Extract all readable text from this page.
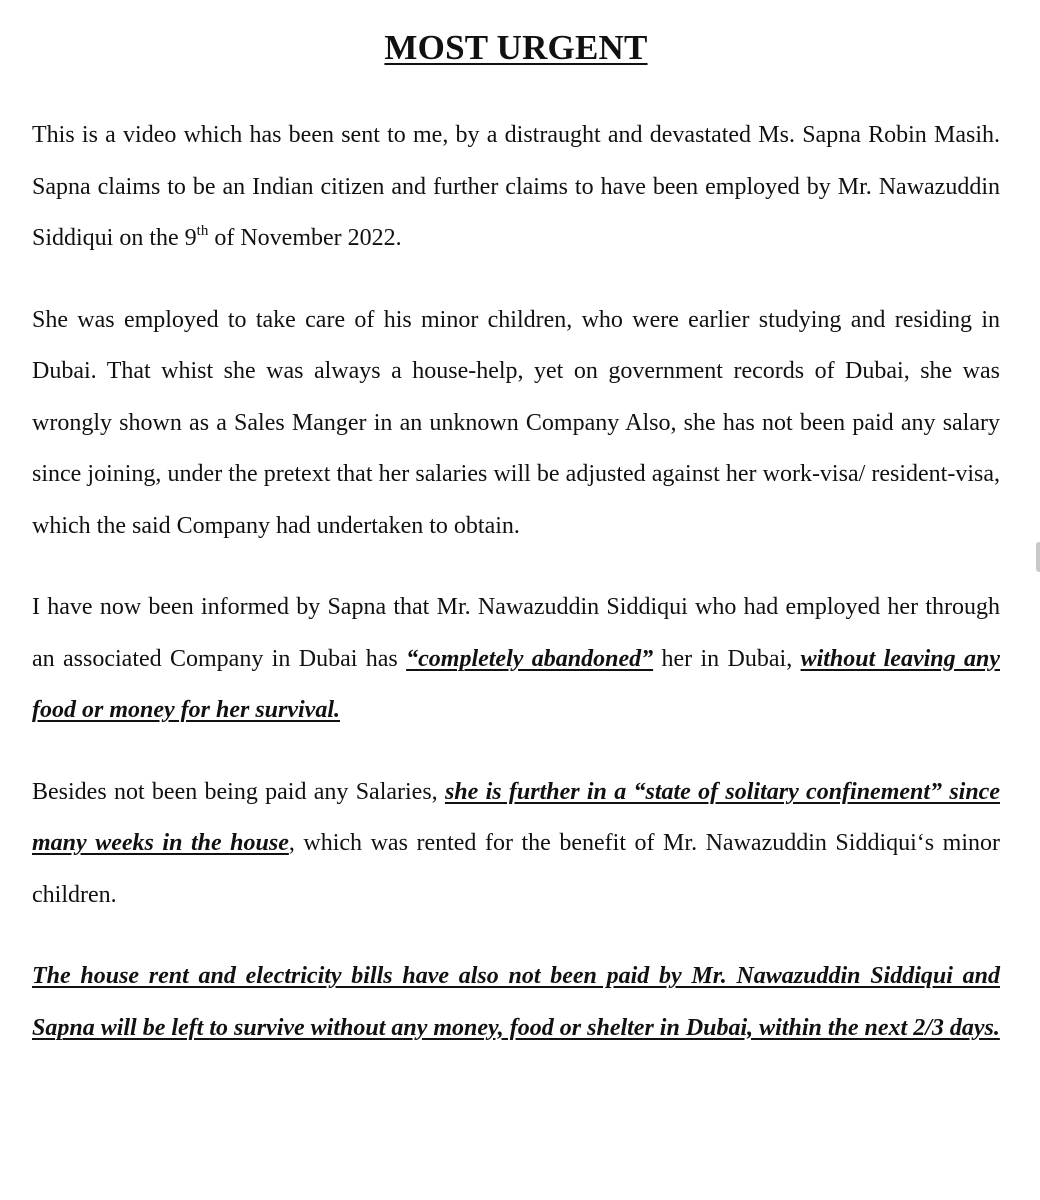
MOST URGENT

This is a video which has been sent to me, by a distraught and devastated Ms. Sapna Robin Masih. Sapna claims to be an Indian citizen and further claims to have been employed by Mr. Nawazuddin Siddiqui on the 9th of November 2022.

She was employed to take care of his minor children, who were earlier studying and residing in Dubai. That whist she was always a house-help, yet on government records of Dubai, she was wrongly shown as a Sales Manger in an unknown Company Also, she has not been paid any salary since joining, under the pretext that her salaries will be adjusted against her work-visa/ resident-visa, which the said Company had undertaken to obtain.

I have now been informed by Sapna that Mr. Nawazuddin Siddiqui who had employed her through an associated Company in Dubai has “completely abandoned” her in Dubai, without leaving any food or money for her survival.

Besides not been being paid any Salaries, she is further in a “state of solitary confinement” since many weeks in the house, which was rented for the benefit of Mr. Nawazuddin Siddiqui‘s minor children.

The house rent and electricity bills have also not been paid by Mr. Nawazuddin Siddiqui and Sapna will be left to survive without any money, food or shelter in Dubai, within the next 2/3 days.
